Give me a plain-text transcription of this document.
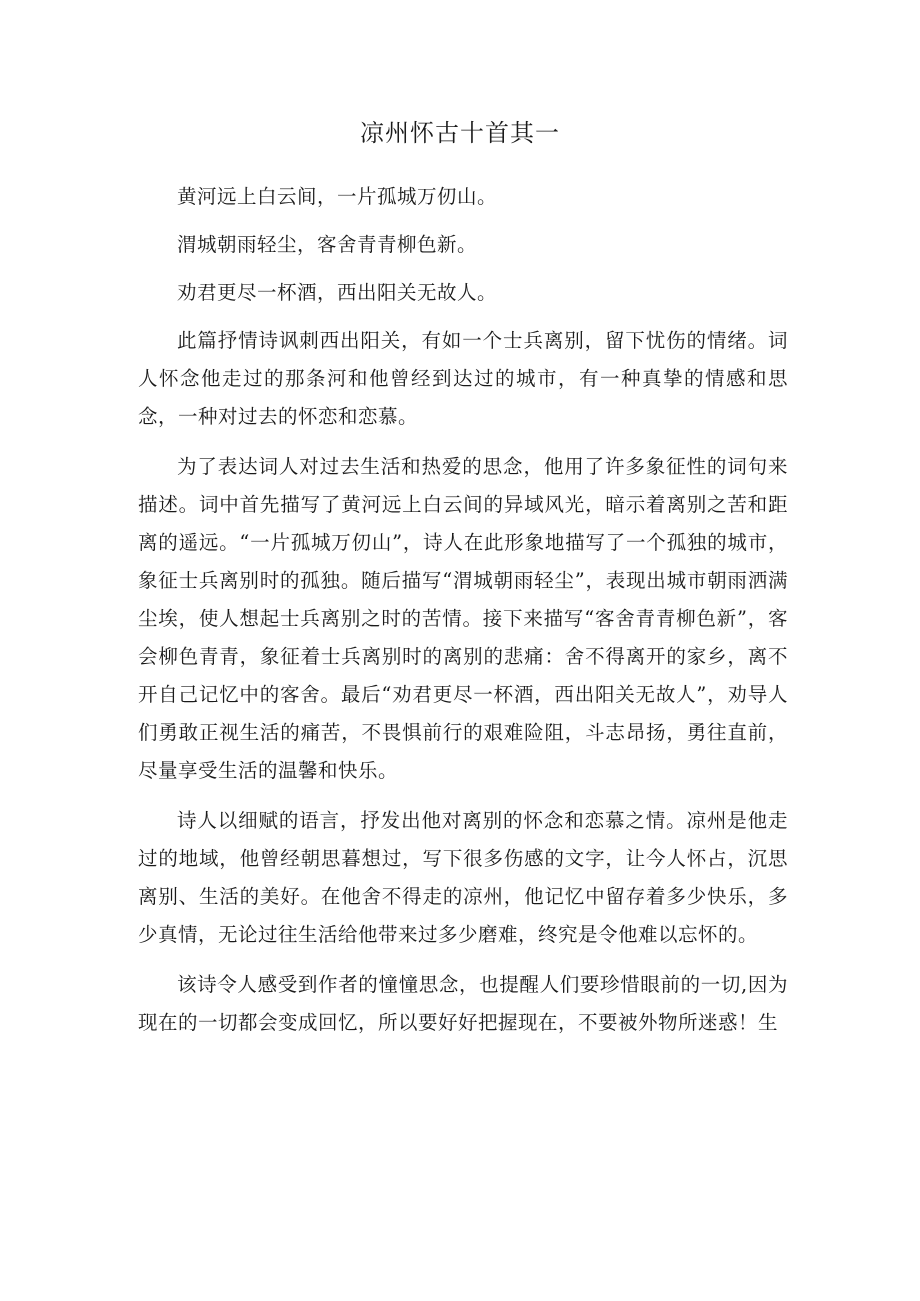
凉州怀古十首其一

黄河远上白云间，一片孤城万仞山。

渭城朝雨轻尘，客舍青青柳色新。

劝君更尽一杯酒，西出阳关无故人。

此篇抒情诗讽刺西出阳关，有如一个士兵离别，留下忧伤的情绪。词人怀念他走过的那条河和他曾经到达过的城市，有一种真挚的情感和思念，一种对过去的怀恋和恋慕。

为了表达词人对过去生活和热爱的思念，他用了许多象征性的词句来描述。词中首先描写了黄河远上白云间的异域风光，暗示着离别之苦和距离的遥远。“一片孤城万仞山”，诗人在此形象地描写了一个孤独的城市，象征士兵离别时的孤独。随后描写“渭城朝雨轻尘”，表现出城市朝雨洒满尘埃，使人想起士兵离别之时的苦情。接下来描写“客舍青青柳色新”，客会柳色青青，象征着士兵离别时的离别的悲痛：舍不得离开的家乡，离不开自己记忆中的客舍。最后“劝君更尽一杯酒，西出阳关无故人”，劝导人们勇敢正视生活的痛苦，不畏惧前行的艰难险阻，斗志昂扬，勇往直前，尽量享受生活的温馨和快乐。

诗人以细赋的语言，抒发出他对离别的怀念和恋慕之情。凉州是他走过的地域，他曾经朝思暮想过，写下很多伤感的文字，让今人怀占，沉思离别、生活的美好。在他舍不得走的凉州，他记忆中留存着多少快乐，多少真情，无论过往生活给他带来过多少磨难，终究是令他难以忘怀的。

该诗令人感受到作者的憧憧思念，也提醒人们要珍惜眼前的一切,因为现在的一切都会变成回忆，所以要好好把握现在，不要被外物所迷惑！生
